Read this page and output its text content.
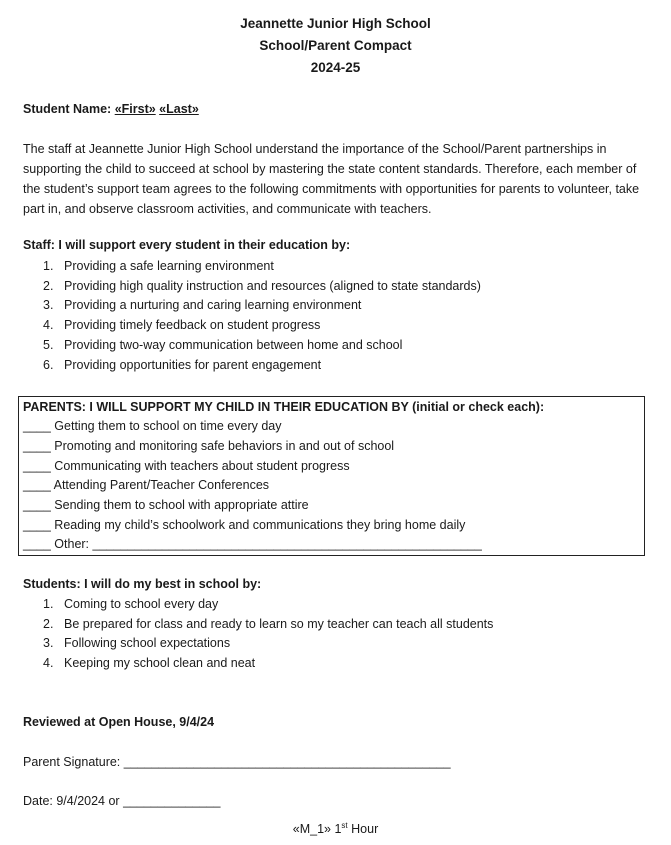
Jeannette Junior High School
School/Parent Compact
2024-25
Student Name: «First» «Last»
The staff at Jeannette Junior High School understand the importance of the School/Parent partnerships in supporting the child to succeed at school by mastering the state content standards. Therefore, each member of the student’s support team agrees to the following commitments with opportunities for parents to volunteer, take part in, and observe classroom activities, and communicate with teachers.
Staff: I will support every student in their education by:
1. Providing a safe learning environment
2. Providing high quality instruction and resources (aligned to state standards)
3. Providing a nurturing and caring learning environment
4. Providing timely feedback on student progress
5. Providing two-way communication between home and school
6. Providing opportunities for parent engagement
PARENTS: I WILL SUPPORT MY CHILD IN THEIR EDUCATION BY (initial or check each):
____ Getting them to school on time every day
____ Promoting and monitoring safe behaviors in and out of school
____ Communicating with teachers about student progress
____ Attending Parent/Teacher Conferences
____ Sending them to school with appropriate attire
____ Reading my child’s schoolwork and communications they bring home daily
____ Other: ________________________________________________________
Students: I will do my best in school by:
1. Coming to school every day
2. Be prepared for class and ready to learn so my teacher can teach all students
3. Following school expectations
4. Keeping my school clean and neat
Reviewed at Open House, 9/4/24
Parent Signature: _______________________________________________
Date: 9/4/2024 or ______________
«M_1» 1st Hour
